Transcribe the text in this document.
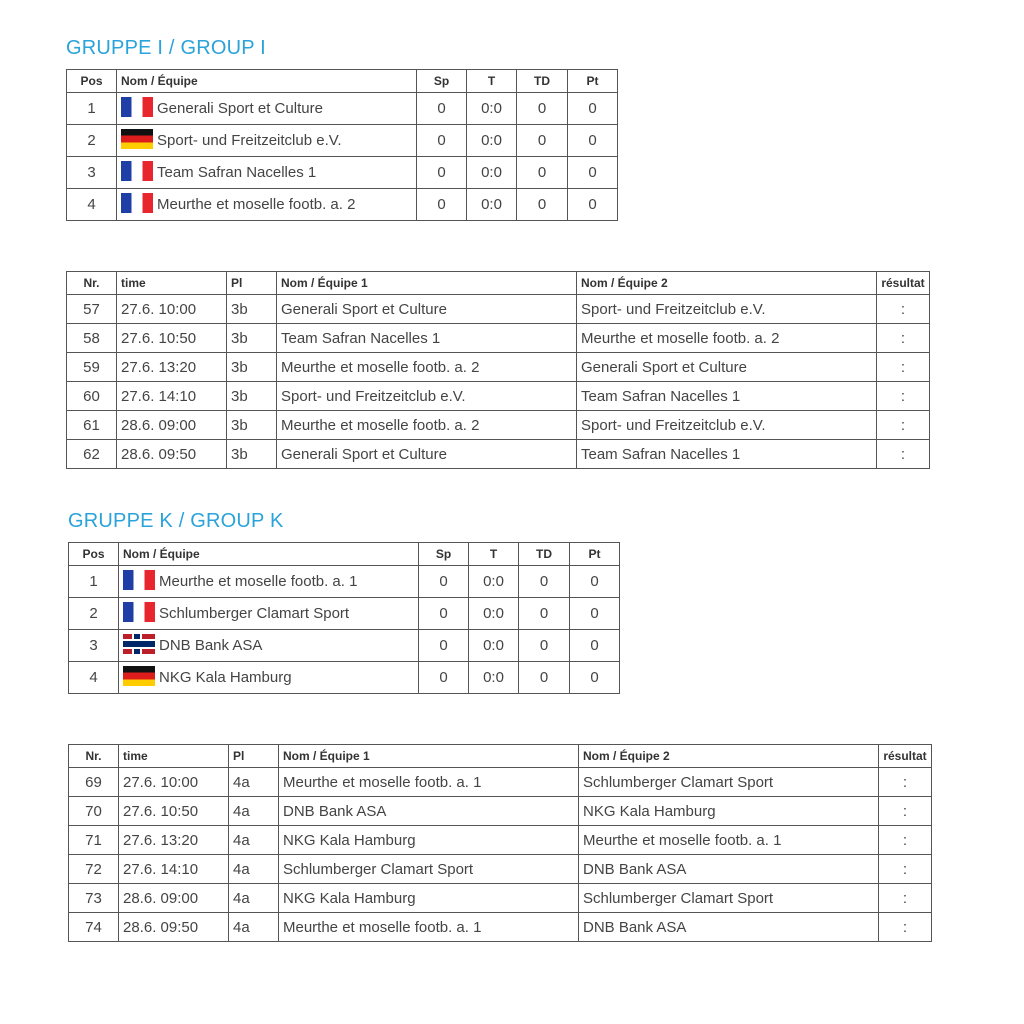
GRUPPE I / GROUP I
Pos	Nom / Équipe	Sp	T	TD	Pt
1	Generali Sport et Culture	0	0:0	0	0
2	Sport- und Freitzeitclub e.V.	0	0:0	0	0
3	Team Safran Nacelles 1	0	0:0	0	0
4	Meurthe et moselle footb. a. 2	0	0:0	0	0
Nr.	time	Pl	Nom / Équipe 1	Nom / Équipe 2	résultat
57	27.6. 10:00	3b	Generali Sport et Culture	Sport- und Freitzeitclub e.V.	:
58	27.6. 10:50	3b	Team Safran Nacelles 1	Meurthe et moselle footb. a. 2	:
59	27.6. 13:20	3b	Meurthe et moselle footb. a. 2	Generali Sport et Culture	:
60	27.6. 14:10	3b	Sport- und Freitzeitclub e.V.	Team Safran Nacelles 1	:
61	28.6. 09:00	3b	Meurthe et moselle footb. a. 2	Sport- und Freitzeitclub e.V.	:
62	28.6. 09:50	3b	Generali Sport et Culture	Team Safran Nacelles 1	:
GRUPPE K / GROUP K
Pos	Nom / Équipe	Sp	T	TD	Pt
1	Meurthe et moselle footb. a. 1	0	0:0	0	0
2	Schlumberger Clamart Sport	0	0:0	0	0
3	DNB Bank ASA	0	0:0	0	0
4	NKG Kala Hamburg	0	0:0	0	0
Nr.	time	Pl	Nom / Équipe 1	Nom / Équipe 2	résultat
69	27.6. 10:00	4a	Meurthe et moselle footb. a. 1	Schlumberger Clamart Sport	:
70	27.6. 10:50	4a	DNB Bank ASA	NKG Kala Hamburg	:
71	27.6. 13:20	4a	NKG Kala Hamburg	Meurthe et moselle footb. a. 1	:
72	27.6. 14:10	4a	Schlumberger Clamart Sport	DNB Bank ASA	:
73	28.6. 09:00	4a	NKG Kala Hamburg	Schlumberger Clamart Sport	:
74	28.6. 09:50	4a	Meurthe et moselle footb. a. 1	DNB Bank ASA	:
